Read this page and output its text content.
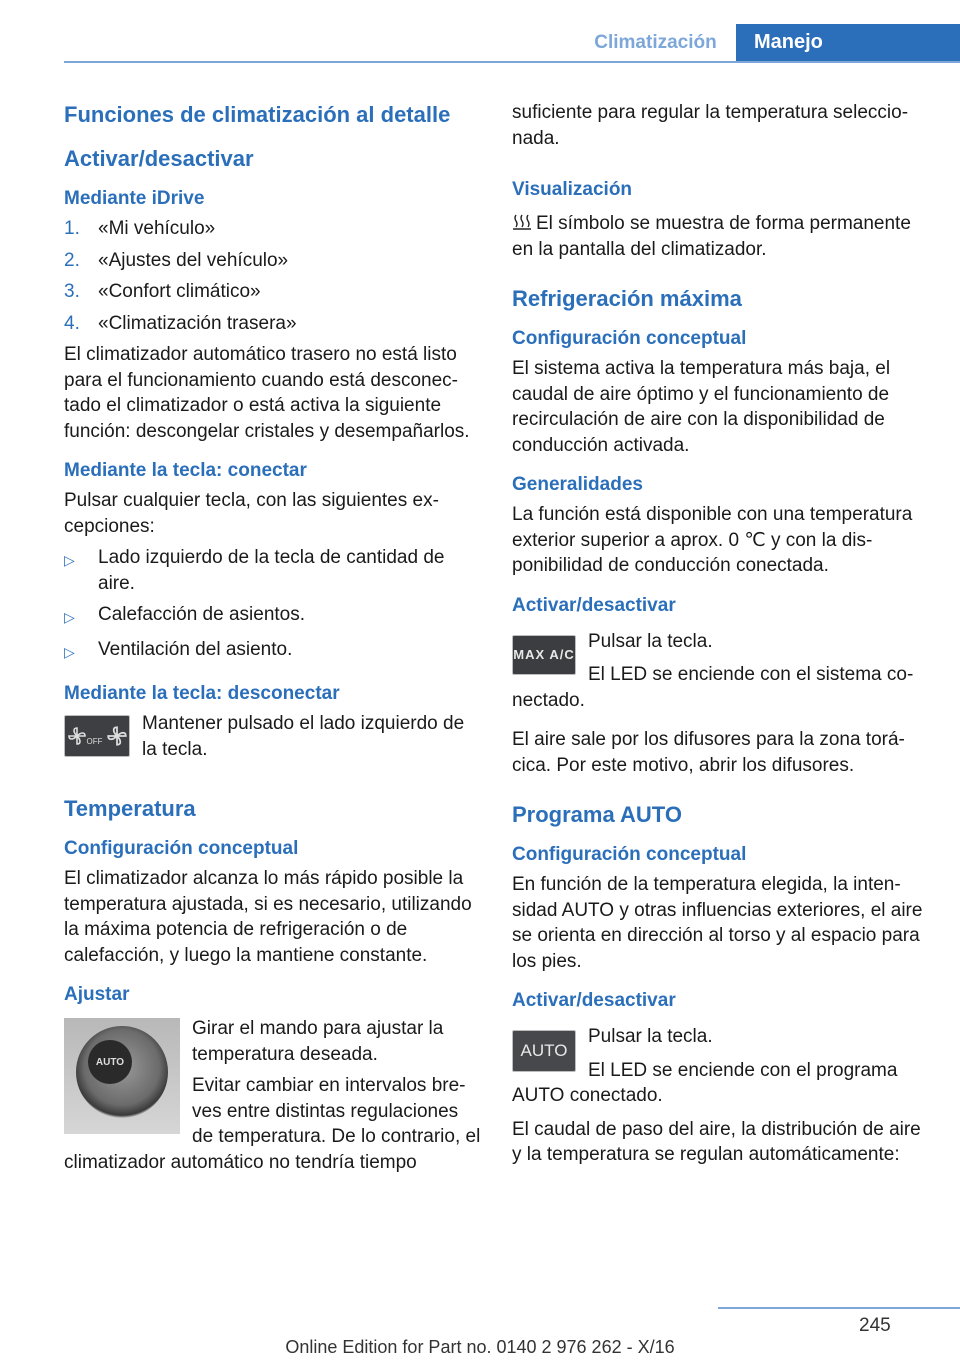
Climatización	Manejo
Funciones de climatización al detalle
Activar/desactivar
Mediante iDrive
1. «Mi vehículo»
2. «Ajustes del vehículo»
3. «Confort climático»
4. «Climatización trasera»

El climatizador automático trasero no está listo para el funcionamiento cuando está desconectado el climatizador o está activa la siguiente función: descongelar cristales y desempañarlos.

Mediante la tecla: conectar

Pulsar cualquier tecla, con las siguientes excepciones:

▷	Lado izquierdo de la tecla de cantidad de aire.
▷	Calefacción de asientos.
▷	Ventilación del asiento.
Mediante la tecla: desconectar
OFF

Mantener pulsado el lado izquierdo de la tecla.

Temperatura
Configuración conceptual

El climatizador alcanza lo más rápido posible la temperatura ajustada, si es necesario, utilizando la máxima potencia de refrigeración o de calefacción, y luego la mantiene constante.

Ajustar
AUTO

Girar el mando para ajustar la temperatura deseada.

Evitar cambiar en intervalos breves entre distintas regulaciones de temperatura. De lo contrario, el climatizador automático no tendría tiempo

suficiente para regular la temperatura seleccionada.

Visualización

El símbolo se muestra de forma permanente en la pantalla del climatizador.

Refrigeración máxima
Configuración conceptual

El sistema activa la temperatura más baja, el caudal de aire óptimo y el funcionamiento de recirculación de aire con la disponibilidad de conducción activada.

Generalidades

La función está disponible con una temperatura exterior superior a aprox. 0 ℃ y con la disponibilidad de conducción conectada.

Activar/desactivar
MAX A/C

Pulsar la tecla.

El LED se enciende con el sistema conectado.

El aire sale por los difusores para la zona torácica. Por este motivo, abrir los difusores.

Programa AUTO
Configuración conceptual

En función de la temperatura elegida, la intensidad AUTO y otras influencias exteriores, el aire se orienta en dirección al torso y al espacio para los pies.

Activar/desactivar
AUTO

Pulsar la tecla.

El LED se enciende con el programa AUTO conectado.

El caudal de paso del aire, la distribución de aire y la temperatura se regulan automáticamente:

245
Online Edition for Part no. 0140 2 976 262 - X/16
